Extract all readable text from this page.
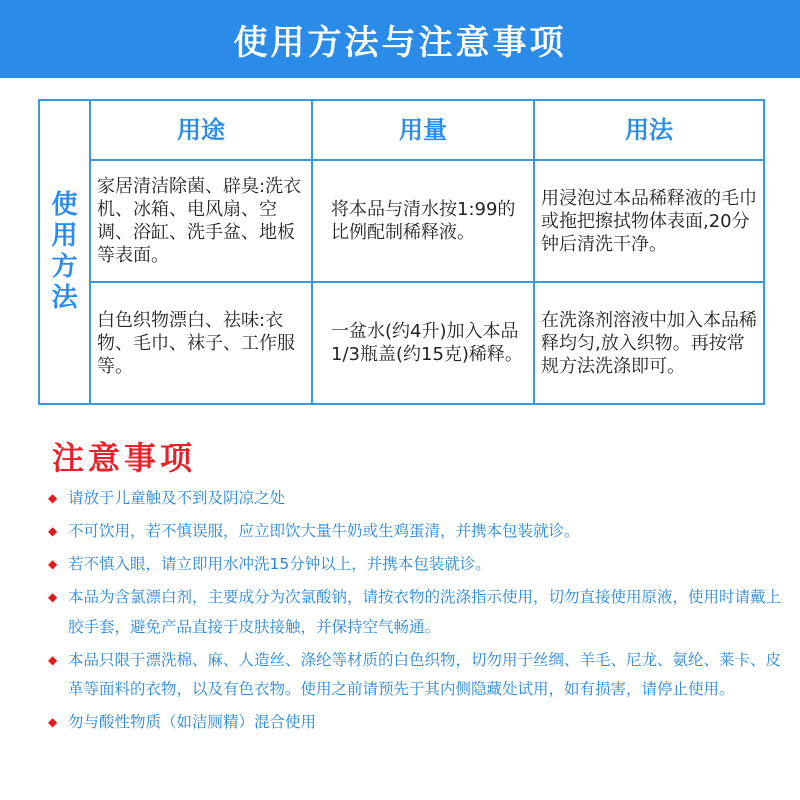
使用方法与注意事项
使用方法	用途	用量	用法
	家居清洁除菌、辟臭:洗衣机、冰箱、电风扇、空调、浴缸、洗手盆、地板等表面。	将本品与清水按1:99的比例配制稀释液。	用浸泡过本品稀释液的毛巾或拖把擦拭物体表面,20分钟后清洗干净。
	白色织物漂白、祛味:衣物、毛巾、袜子、工作服等。	一盆水(约4升)加入本品1/3瓶盖(约15克)稀释。	在洗涤剂溶液中加入本品稀释均匀,放入织物。再按常规方法洗涤即可。
注意事项
◆ 请放于儿童触及不到及阴凉之处
◆ 不可饮用，若不慎误服，应立即饮大量牛奶或生鸡蛋清，并携本包装就诊。
◆ 若不慎入眼，请立即用水冲洗15分钟以上，并携本包装就诊。
◆ 本品为含氯漂白剂，主要成分为次氯酸钠，请按衣物的洗涤指示使用，切勿直接使用原液，使用时请戴上胶手套，避免产品直接于皮肤接触，并保持空气畅通。
◆ 本品只限于漂洗棉、麻、人造丝、涤纶等材质的白色织物，切勿用于丝绸、羊毛、尼龙、氨纶、莱卡、皮革等面料的衣物，以及有色衣物。使用之前请预先于其内侧隐藏处试用，如有损害，请停止使用。
◆ 勿与酸性物质（如洁厕精）混合使用
